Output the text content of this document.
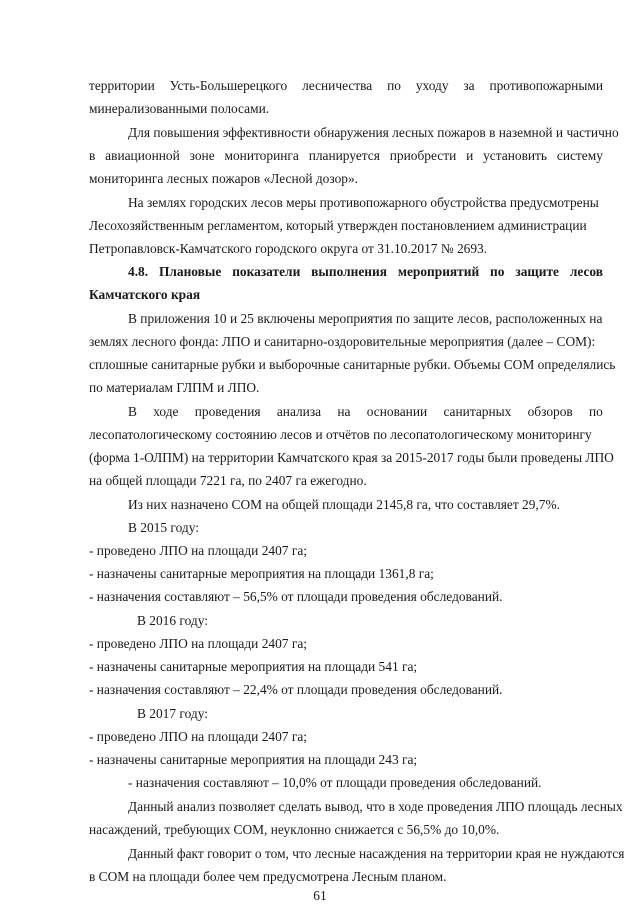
территории Усть-Большерецкого лесничества по уходу за противопожарными
минерализованными полосами.
Для повышения эффективности обнаружения лесных пожаров в наземной и частично
в авиационной зоне мониторинга планируется приобрести и установить систему
мониторинга лесных пожаров «Лесной дозор».
На землях городских лесов меры противопожарного обустройства предусмотрены
Лесохозяйственным регламентом, который утвержден постановлением администрации
Петропавловск-Камчатского городского округа от 31.10.2017 № 2693.
4.8. Плановые показатели выполнения мероприятий по защите лесов
Камчатского края
В приложения 10 и 25 включены мероприятия по защите лесов, расположенных на
землях лесного фонда: ЛПО и санитарно-оздоровительные мероприятия (далее – СОМ):
сплошные санитарные рубки и выборочные санитарные рубки. Объемы СОМ определялись
по материалам ГЛПМ и ЛПО.
В ходе проведения анализа на основании санитарных обзоров по
лесопатологическому состоянию лесов и отчётов по лесопатологическому мониторингу
(форма 1-ОЛПМ) на территории Камчатского края за 2015-2017 годы были проведены ЛПО
на общей площади 7221 га, по 2407 га ежегодно.
Из них назначено СОМ на общей площади 2145,8 га, что составляет 29,7%.
В 2015 году:
- проведено ЛПО на площади 2407 га;
- назначены санитарные мероприятия на площади 1361,8 га;
- назначения составляют – 56,5% от площади проведения обследований.
В 2016 году:
- проведено ЛПО на площади 2407 га;
- назначены санитарные мероприятия на площади 541 га;
- назначения составляют – 22,4% от площади проведения обследований.
В 2017 году:
- проведено ЛПО на площади 2407 га;
- назначены санитарные мероприятия на площади 243 га;
- назначения составляют – 10,0% от площади проведения обследований.
Данный анализ позволяет сделать вывод, что в ходе проведения ЛПО площадь лесных
насаждений, требующих СОМ, неуклонно снижается с 56,5% до 10,0%.
Данный факт говорит о том, что лесные насаждения на территории края не нуждаются
в СОМ на площади более чем предусмотрена Лесным планом.
61
